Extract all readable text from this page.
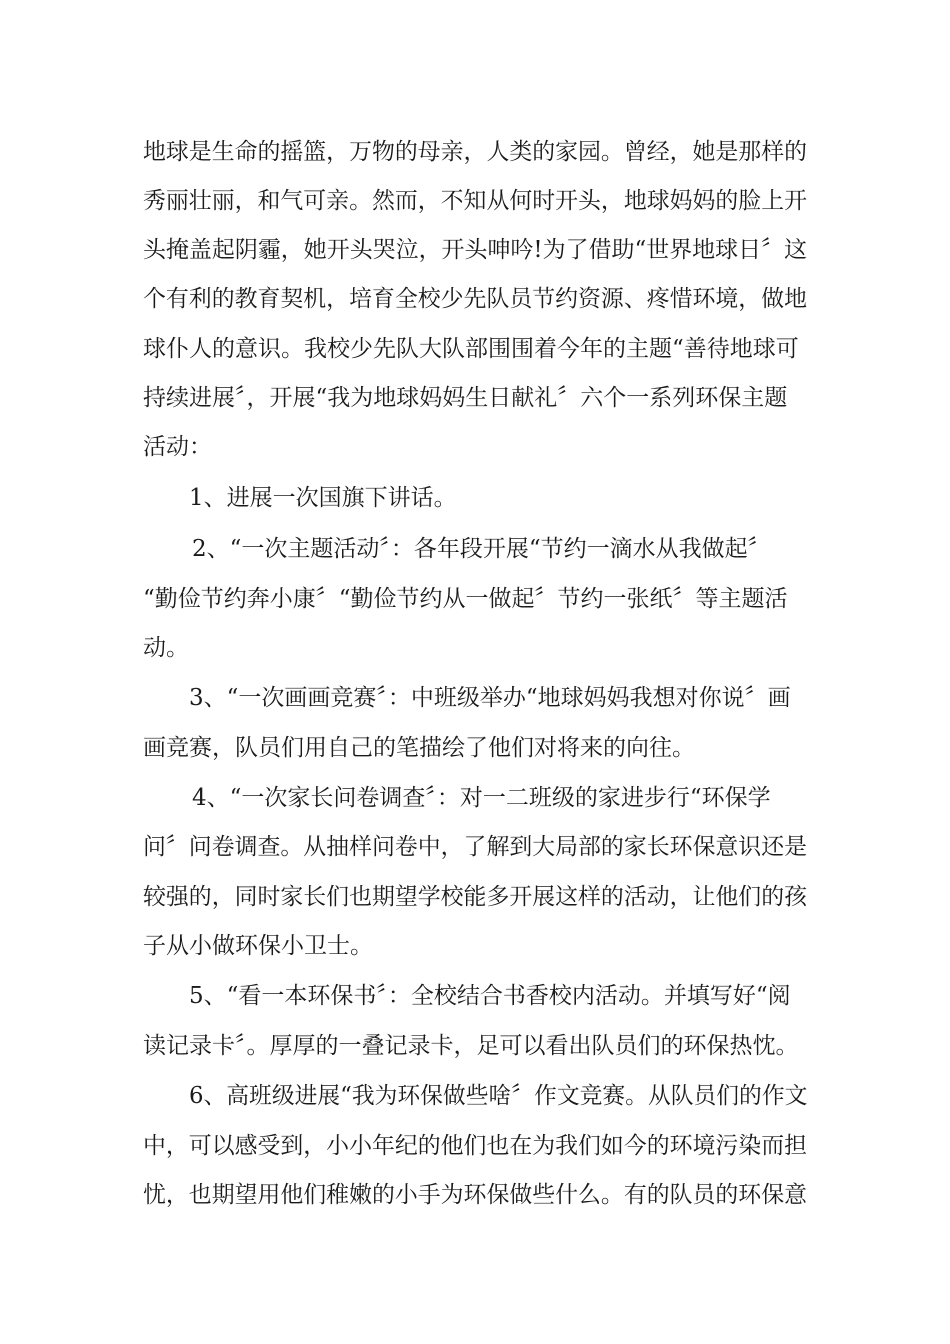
地球是生命的摇篮，万物的母亲，人类的家园。曾经，她是那样的
秀丽壮丽，和气可亲。然而，不知从何时开头，地球妈妈的脸上开
头掩盖起阴霾，她开头哭泣，开头呻吟!为了借助“世界地球日〞这
个有利的教育契机，培育全校少先队员节约资源、疼惜环境，做地
球仆人的意识。我校少先队大队部围围着今年的主题“善待地球可
持续进展〞，开展“我为地球妈妈生日献礼〞六个一系列环保主题
活动：
1、进展一次国旗下讲话。
2、“一次主题活动〞：各年段开展“节约一滴水从我做起〞
“勤俭节约奔小康〞“勤俭节约从一做起〞节约一张纸〞等主题活
动。
3、“一次画画竞赛〞：中班级举办“地球妈妈我想对你说〞画
画竞赛，队员们用自己的笔描绘了他们对将来的向往。
4、“一次家长问卷调查〞：对一二班级的家进步行“环保学
问〞问卷调查。从抽样问卷中，了解到大局部的家长环保意识还是
较强的，同时家长们也期望学校能多开展这样的活动，让他们的孩
子从小做环保小卫士。
5、“看一本环保书〞：全校结合书香校内活动。并填写好“阅
读记录卡〞。厚厚的一叠记录卡，足可以看出队员们的环保热忱。
6、高班级进展“我为环保做些啥〞作文竞赛。从队员们的作文
中，可以感受到，小小年纪的他们也在为我们如今的环境污染而担
忧，也期望用他们稚嫩的小手为环保做些什么。有的队员的环保意
